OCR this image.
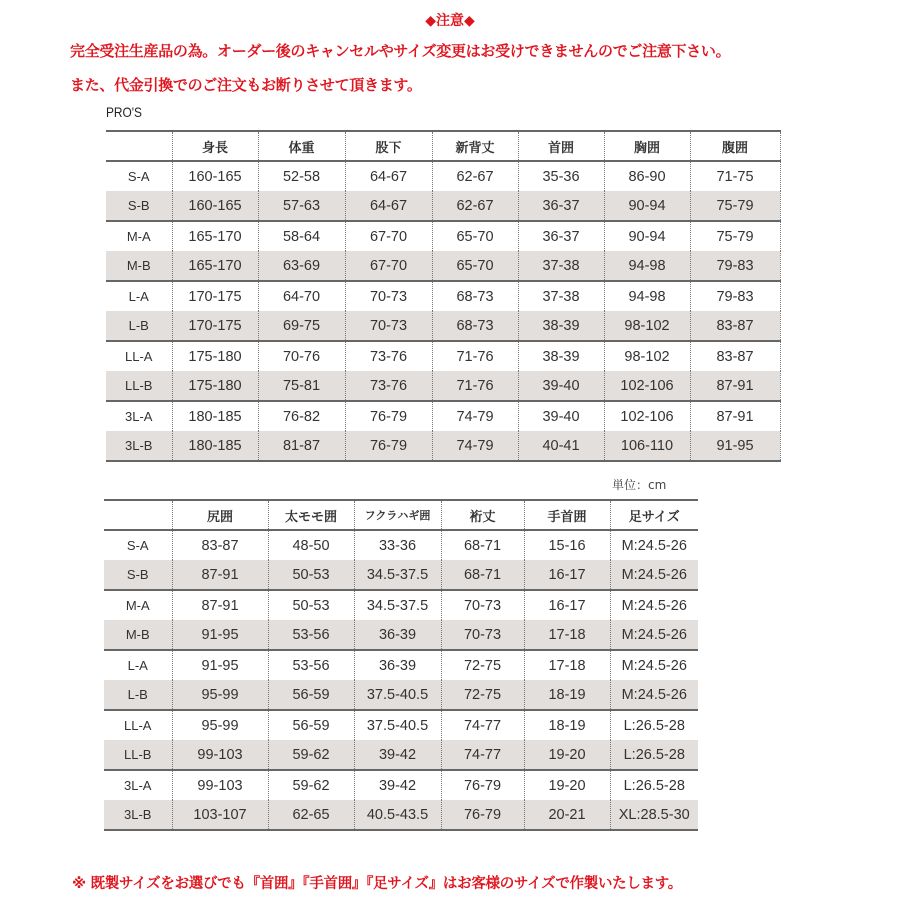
◆注意◆
完全受注生産品の為。オーダー後のキャンセルやサイズ変更はお受けできませんのでご注意下さい。
また、代金引換でのご注文もお断りさせて頂きます。
PRO'S
	身長	体重	股下	新背丈	首囲	胸囲	腹囲
S-A	160-165	52-58	64-67	62-67	35-36	86-90	71-75
S-B	160-165	57-63	64-67	62-67	36-37	90-94	75-79
M-A	165-170	58-64	67-70	65-70	36-37	90-94	75-79
M-B	165-170	63-69	67-70	65-70	37-38	94-98	79-83
L-A	170-175	64-70	70-73	68-73	37-38	94-98	79-83
L-B	170-175	69-75	70-73	68-73	38-39	98-102	83-87
LL-A	175-180	70-76	73-76	71-76	38-39	98-102	83-87
LL-B	175-180	75-81	73-76	71-76	39-40	102-106	87-91
3L-A	180-185	76-82	76-79	74-79	39-40	102-106	87-91
3L-B	180-185	81-87	76-79	74-79	40-41	106-110	91-95
単位：cm
	尻囲	太モモ囲	フクラハギ囲	裄丈	手首囲	足サイズ
S-A	83-87	48-50	33-36	68-71	15-16	M:24.5-26
S-B	87-91	50-53	34.5-37.5	68-71	16-17	M:24.5-26
M-A	87-91	50-53	34.5-37.5	70-73	16-17	M:24.5-26
M-B	91-95	53-56	36-39	70-73	17-18	M:24.5-26
L-A	91-95	53-56	36-39	72-75	17-18	M:24.5-26
L-B	95-99	56-59	37.5-40.5	72-75	18-19	M:24.5-26
LL-A	95-99	56-59	37.5-40.5	74-77	18-19	L:26.5-28
LL-B	99-103	59-62	39-42	74-77	19-20	L:26.5-28
3L-A	99-103	59-62	39-42	76-79	19-20	L:26.5-28
3L-B	103-107	62-65	40.5-43.5	76-79	20-21	XL:28.5-30
※ 既製サイズをお選びでも『首囲』『手首囲』『足サイズ』はお客様のサイズで作製いたします。
